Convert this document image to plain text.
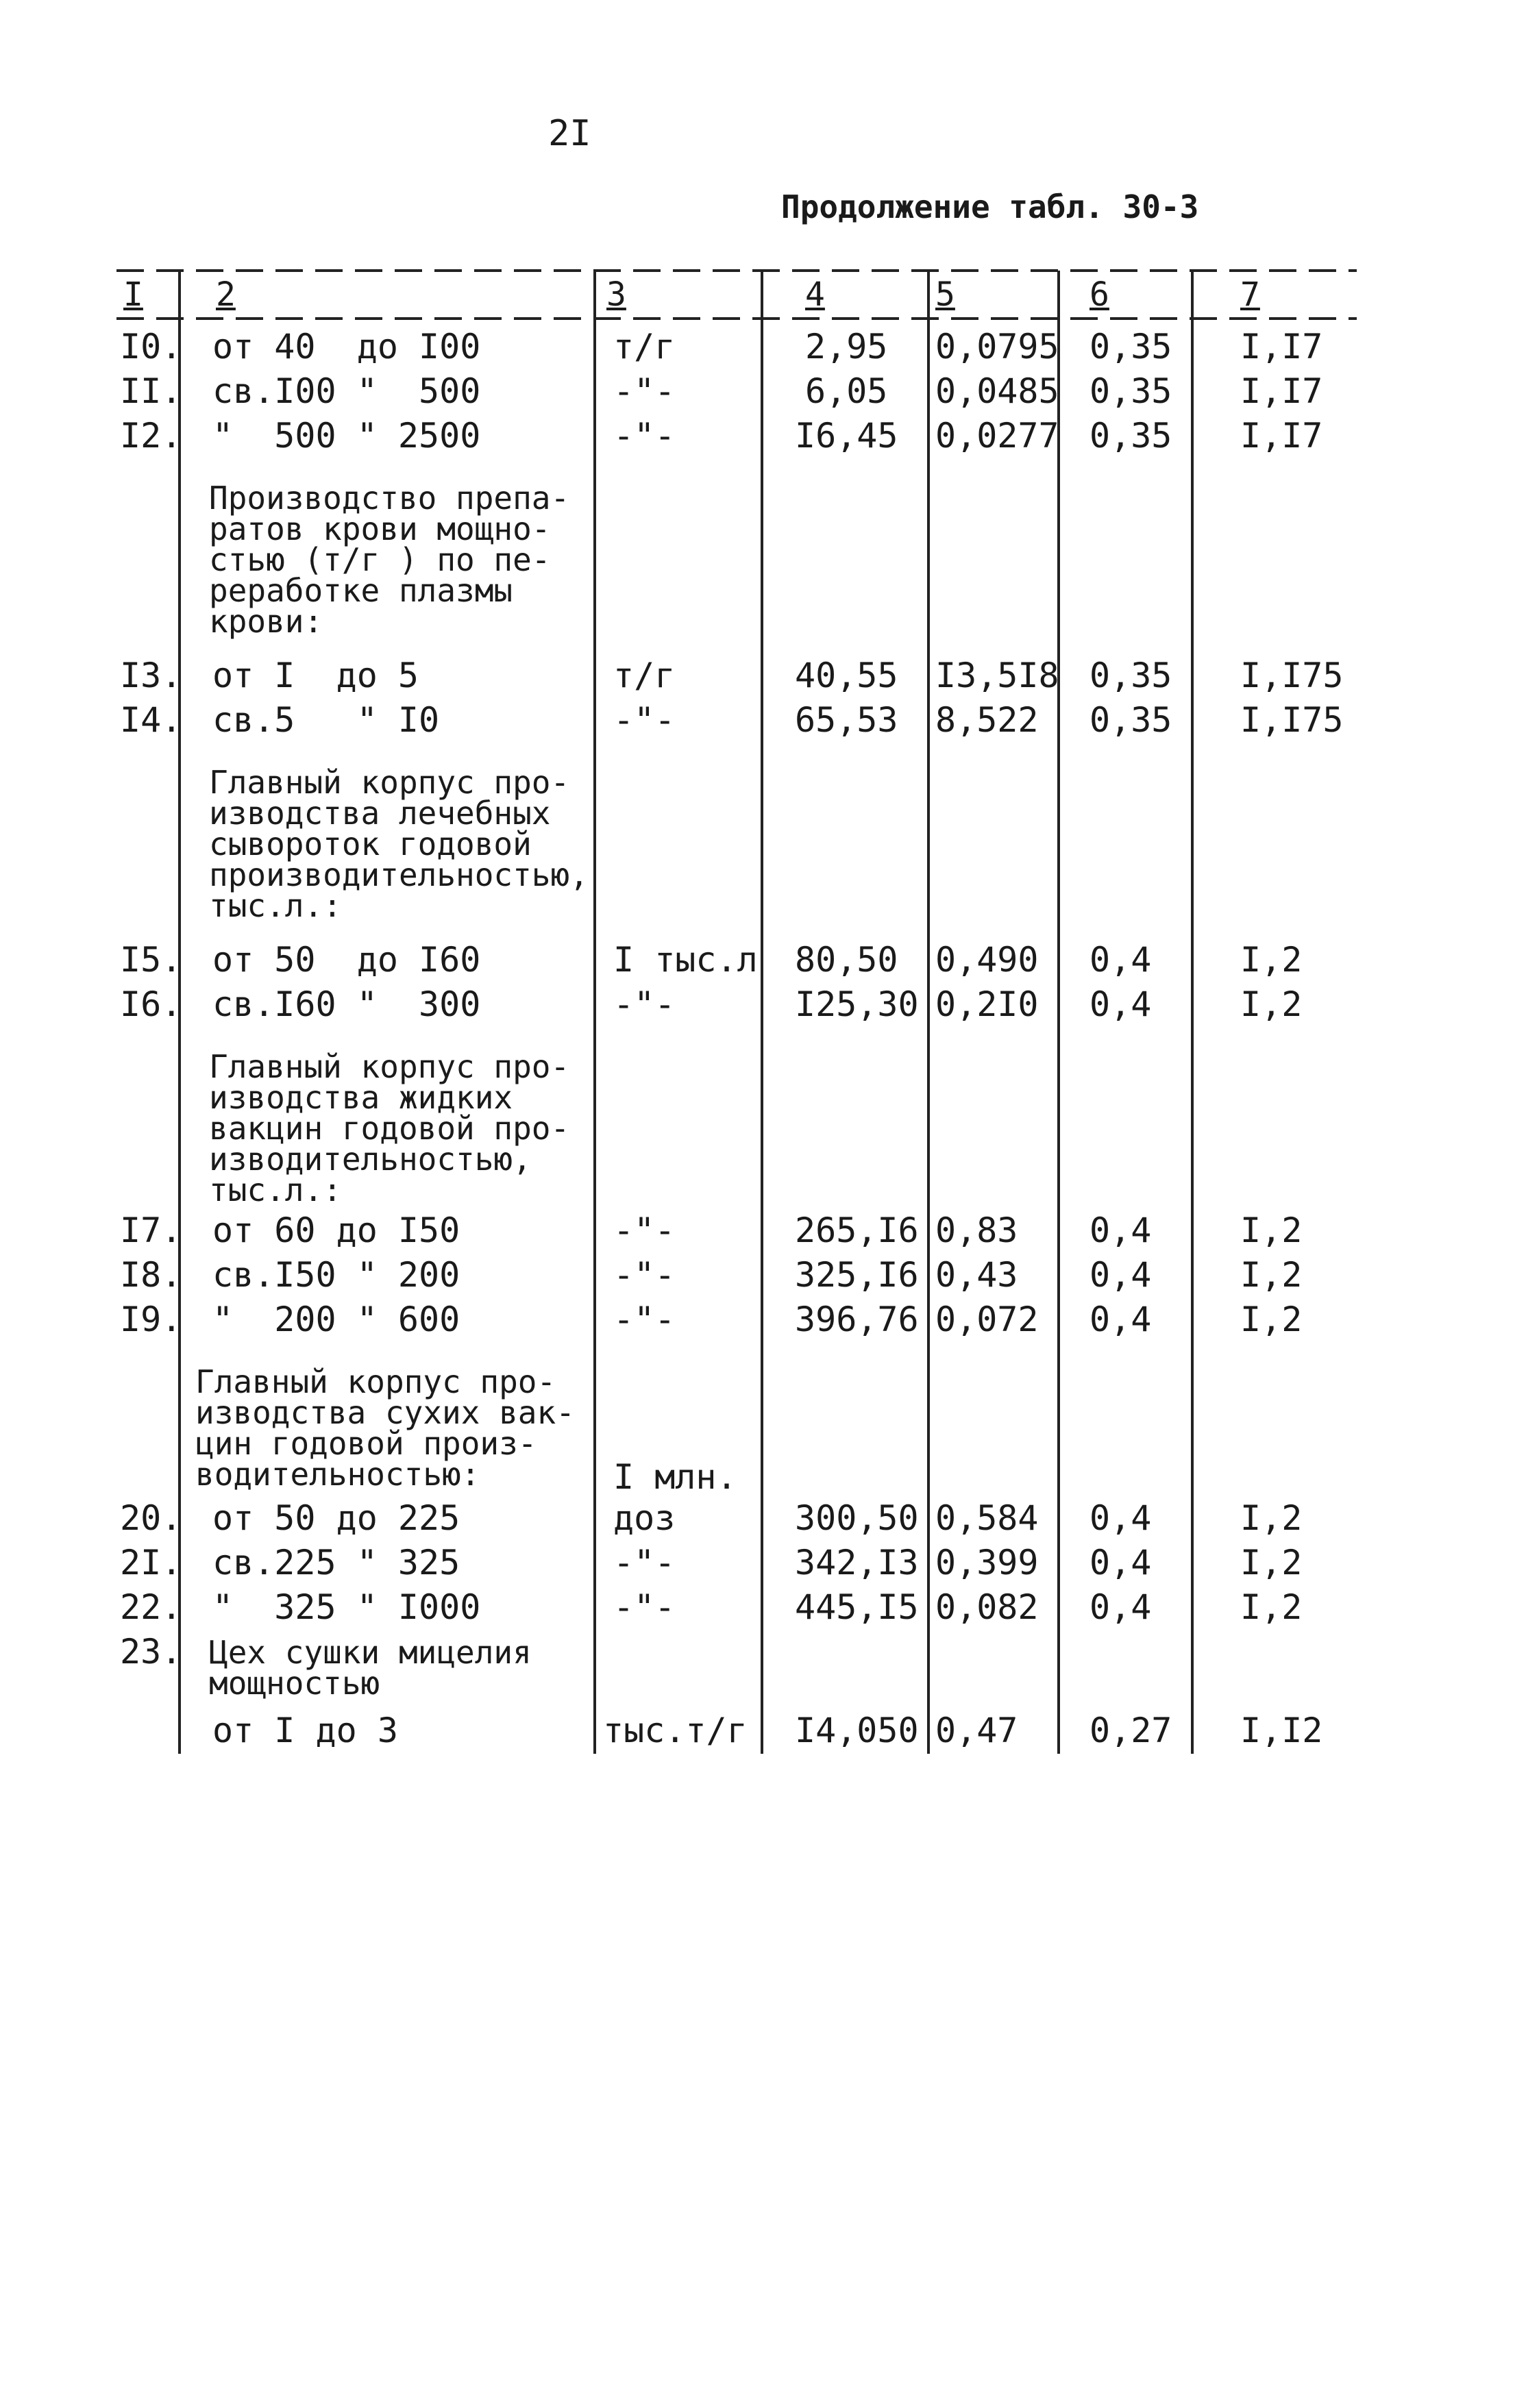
2I
Продолжение табл. 30-3
I 2	3	4	5	6	7
I0. от 40  до I00	т/г	2,95 0,0795 0,35 I,I7
II. св.I00 "  500	-"-	6,05 0,0485 0,35 I,I7
I2. "  500 " 2500	-"-	I6,45 0,0277 0,35 I,I7
Производство препа-
ратов крови мощно-
стью (т/г ) по пе-
реработке плазмы
крови:
I3. от I  до 5	т/г	40,55 I3,5I8 0,35 I,I75
I4. св.5   " I0	-"-	65,53 8,522 0,35 I,I75
Главный корпус про-
изводства лечебных
сывороток годовой
производительностью,
тыс.л.:
I5. от 50  до I60	I тыс.л 80,50 0,490 0,4	I,2
I6. св.I60 "  300	-"-	I25,30 0,2I0 0,4	I,2
Главный корпус про-
изводства жидких
вакцин годовой про-
изводительностью,
тыс.л.:
I7. от 60 до I50	-"-	265,I6 0,83 0,4	I,2
I8. св.I50 " 200	-"-	325,I6 0,43 0,4	I,2
I9. "  200 " 600	-"-	396,76 0,072 0,4	I,2
Главный корпус про-
изводства сухих вак-
цин годовой произ-
водительностью:	I млн.
20. от 50 до 225	доз	300,50 0,584 0,4	I,2
2I. св.225 " 325	-"-	342,I3 0,399 0,4	I,2
22. "  325 " I000	-"-	445,I5 0,082 0,4	I,2
23. Цех сушки мицелия
мощностью
от I до 3	тыс.т/г I4,050 0,47 0,27 I,I2
